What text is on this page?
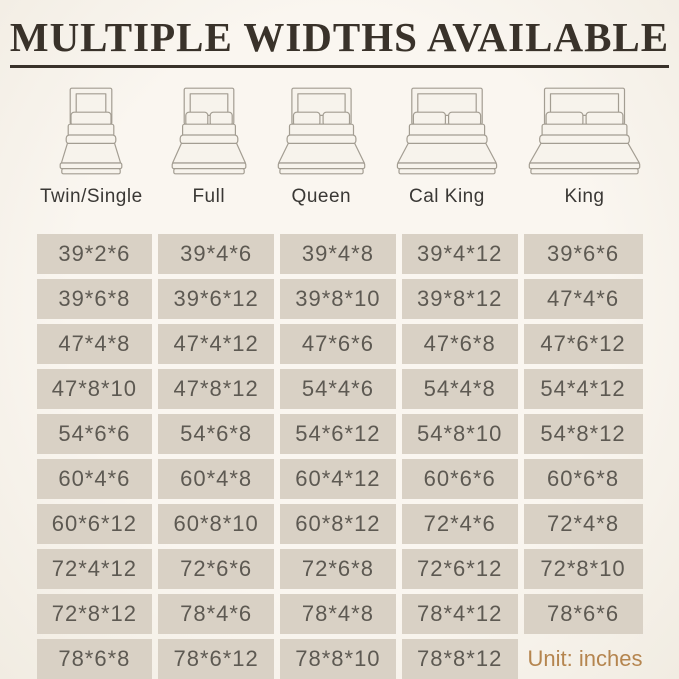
MULTIPLE WIDTHS AVAILABLE
Twin/Single	Full	Queen	Cal King	King
Unit: inches
39*2*6	39*4*6	39*4*8	39*4*12	39*6*6
39*6*8	39*6*12	39*8*10	39*8*12	47*4*6
47*4*8	47*4*12	47*6*6	47*6*8	47*6*12
47*8*10	47*8*12	54*4*6	54*4*8	54*4*12
54*6*6	54*6*8	54*6*12	54*8*10	54*8*12
60*4*6	60*4*8	60*4*12	60*6*6	60*6*8
60*6*12	60*8*10	60*8*12	72*4*6	72*4*8
72*4*12	72*6*6	72*6*8	72*6*12	72*8*10
72*8*12	78*4*6	78*4*8	78*4*12	78*6*6
78*6*8	78*6*12	78*8*10	78*8*12
